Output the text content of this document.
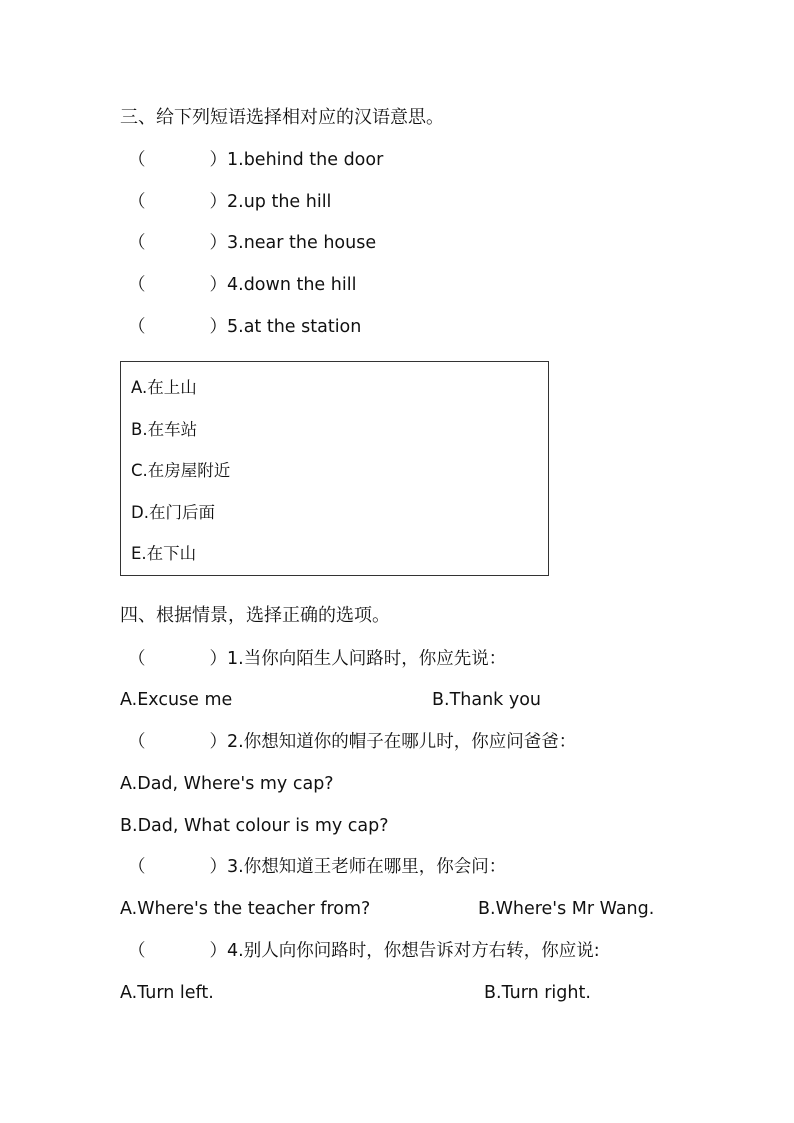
三、给下列短语选择相对应的汉语意思。
（	）1.behind the door
（	）2.up the hill
（	）3.near the house
（	）4.down the hill
（	）5.at the station
A.在上山
B.在车站
C.在房屋附近
D.在门后面
E.在下山
四、根据情景，选择正确的选项。
（	）1.当你向陌生人问路时，你应先说：
A.Excuse me	B.Thank you
（	）2.你想知道你的帽子在哪儿时，你应问爸爸：
A.Dad, Where's my cap?
B.Dad, What colour is my cap?
（	）3.你想知道王老师在哪里，你会问：
A.Where's the teacher from?	B.Where's Mr Wang.
（	）4.别人向你问路时，你想告诉对方右转，你应说:
A.Turn left.	B.Turn right.
